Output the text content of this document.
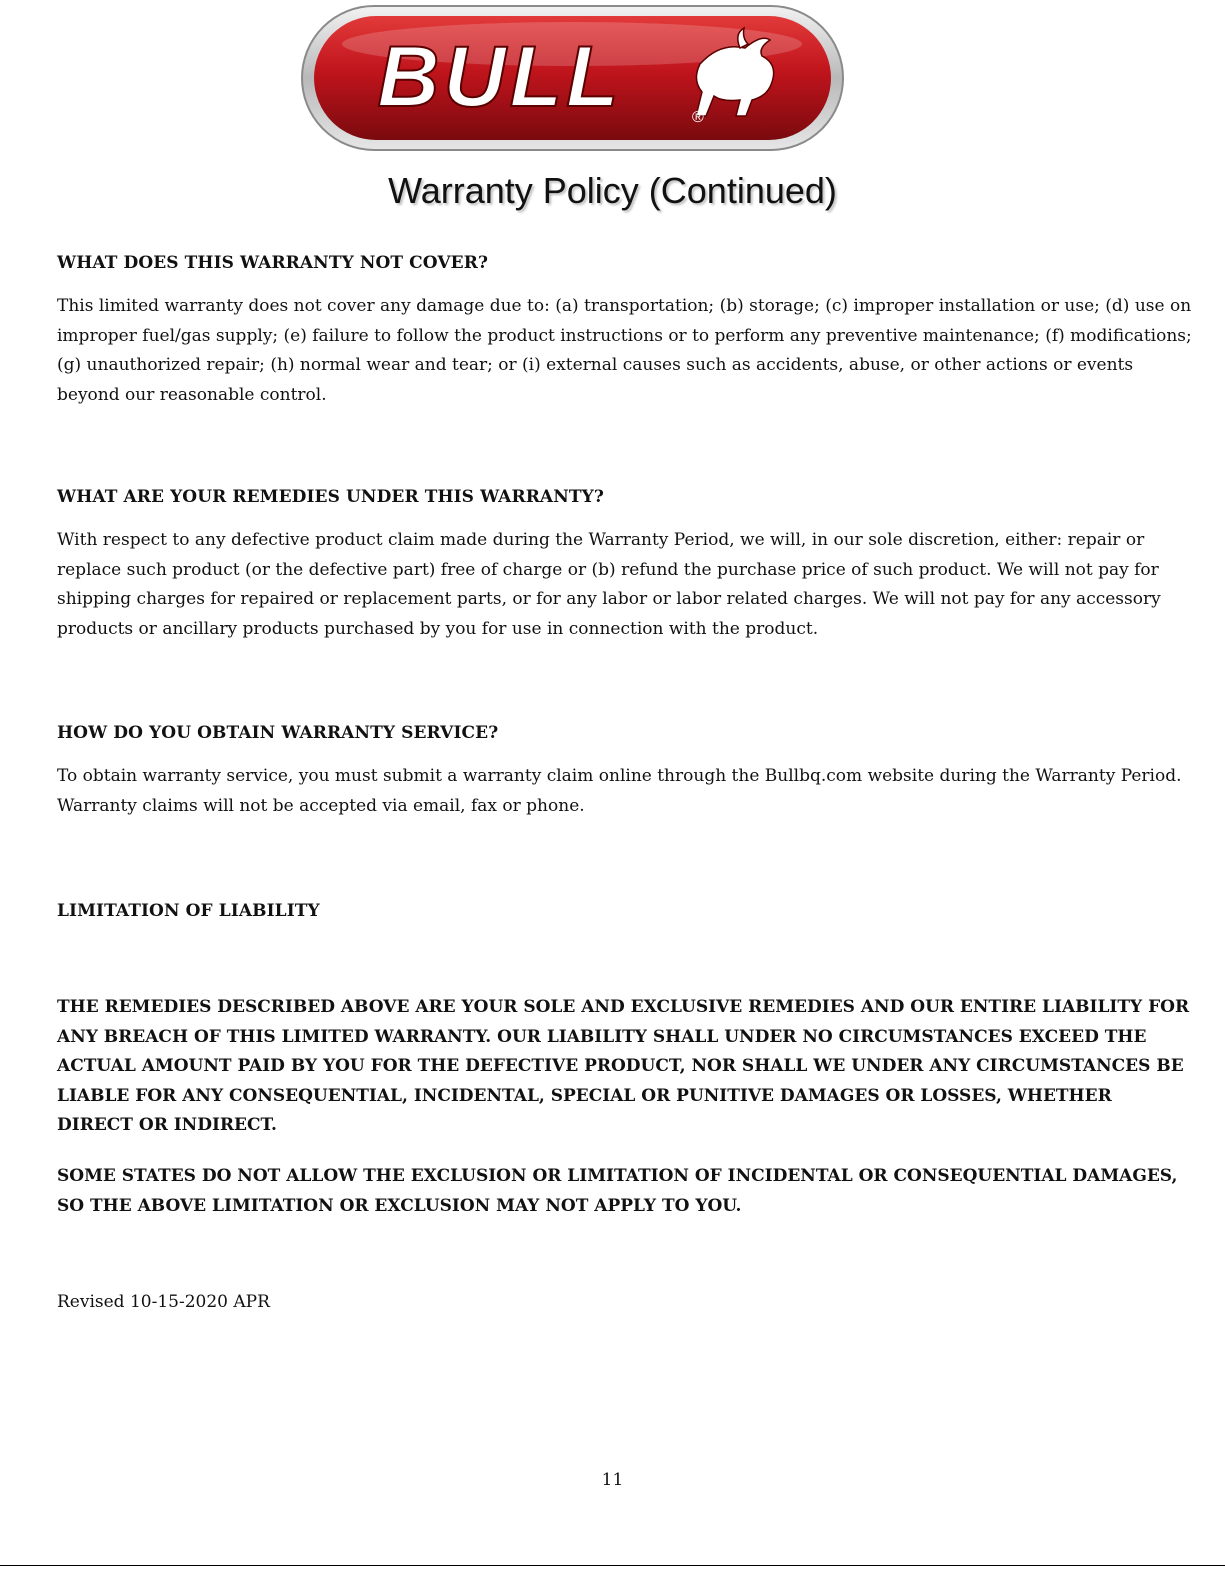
BULL	®
Warranty Policy (Continued)

WHAT DOES THIS WARRANTY NOT COVER?

This limited warranty does not cover any damage due to: (a) transportation; (b) storage; (c) improper installation or use; (d) use on improper fuel/gas supply; (e) failure to follow the product instructions or to perform any preventive maintenance; (f) modifications; (g) unauthorized repair; (h) normal wear and tear; or (i) external causes such as accidents, abuse, or other actions or events beyond our reasonable control.

WHAT ARE YOUR REMEDIES UNDER THIS WARRANTY?

With respect to any defective product claim made during the Warranty Period, we will, in our sole discretion, either: repair or replace such product (or the defective part) free of charge or (b) refund the purchase price of such product. We will not pay for shipping charges for repaired or replacement parts, or for any labor or labor related charges. We will not pay for any accessory products or ancillary products purchased by you for use in connection with the product.

HOW DO YOU OBTAIN WARRANTY SERVICE?

To obtain warranty service, you must submit a warranty claim online through the Bullbq.com website during the Warranty Period. Warranty claims will not be accepted via email, fax or phone.

LIMITATION OF LIABILITY

THE REMEDIES DESCRIBED ABOVE ARE YOUR SOLE AND EXCLUSIVE REMEDIES AND OUR ENTIRE LIABILITY FOR ANY BREACH OF THIS LIMITED WARRANTY. OUR LIABILITY SHALL UNDER NO CIRCUMSTANCES EXCEED THE ACTUAL AMOUNT PAID BY YOU FOR THE DEFECTIVE PRODUCT, NOR SHALL WE UNDER ANY CIRCUMSTANCES BE LIABLE FOR ANY CONSEQUENTIAL, INCIDENTAL, SPECIAL OR PUNITIVE DAMAGES OR LOSSES, WHETHER DIRECT OR INDIRECT.

SOME STATES DO NOT ALLOW THE EXCLUSION OR LIMITATION OF INCIDENTAL OR CONSEQUENTIAL DAMAGES, SO THE ABOVE LIMITATION OR EXCLUSION MAY NOT APPLY TO YOU.

Revised 10-15-2020 APR

11
